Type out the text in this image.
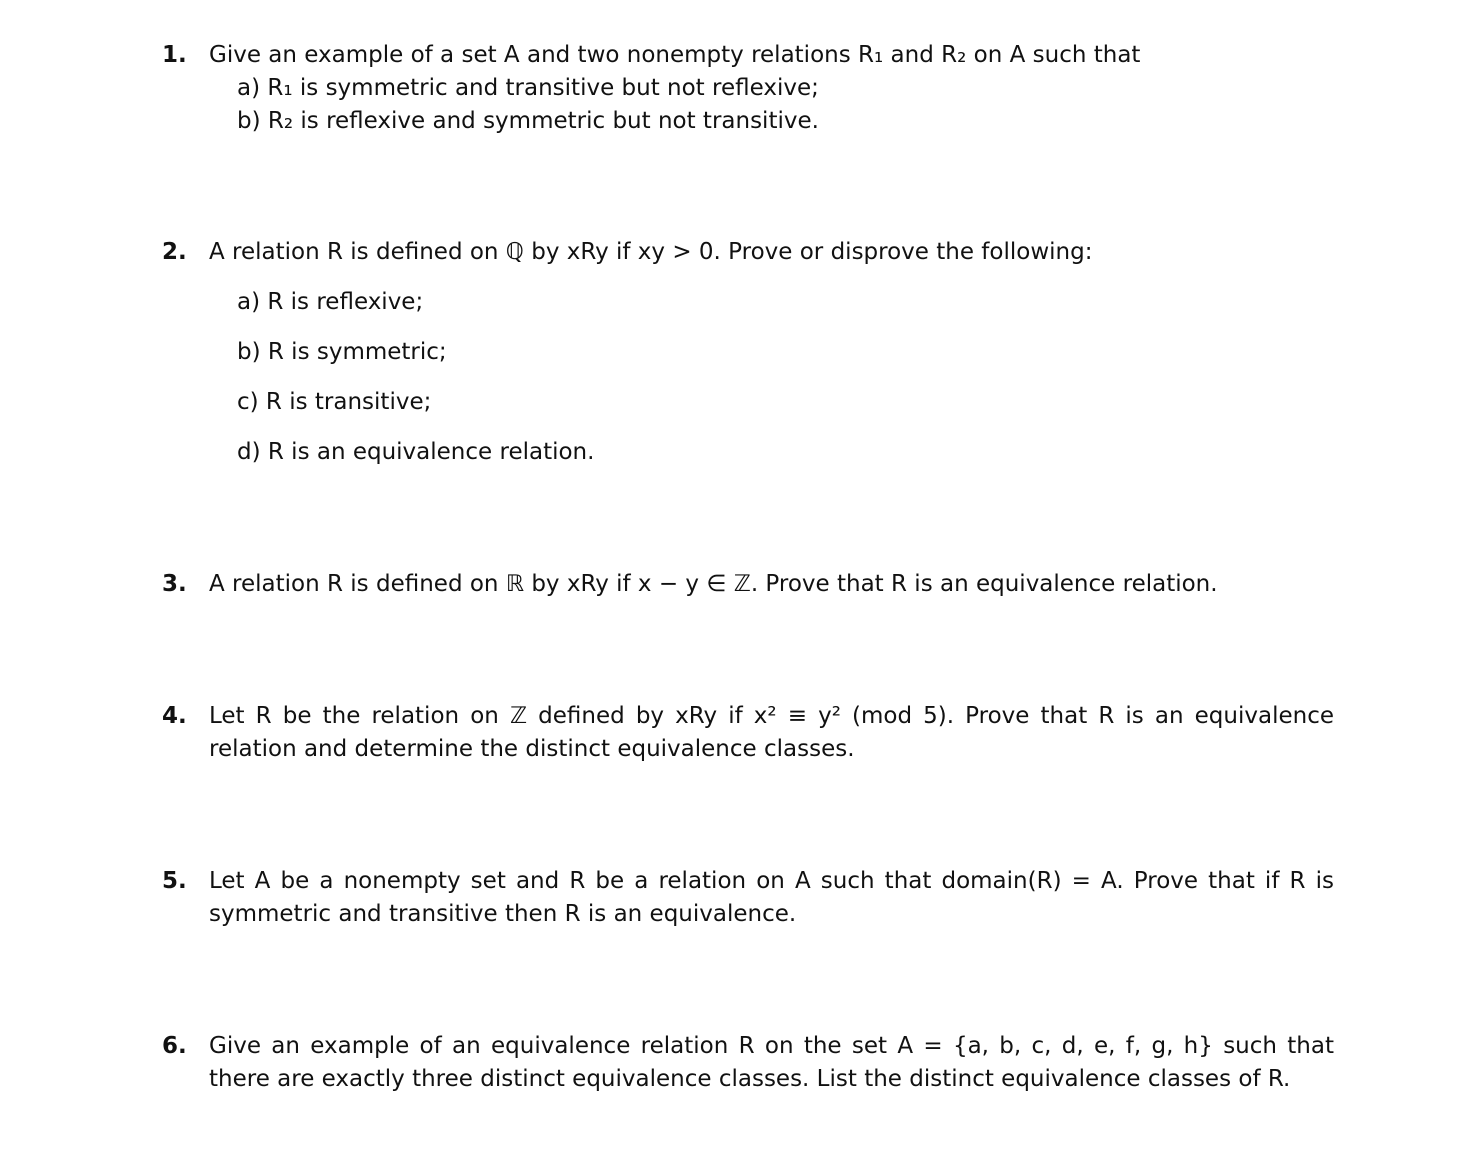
1. Give an example of a set A and two nonempty relations R₁ and R₂ on A such that
a) R₁ is symmetric and transitive but not reflexive;
b) R₂ is reflexive and symmetric but not transitive.
2. A relation R is defined on ℚ by xRy if xy > 0. Prove or disprove the following:
a) R is reflexive;
b) R is symmetric;
c) R is transitive;
d) R is an equivalence relation.
3. A relation R is defined on ℝ by xRy if x − y ∈ ℤ. Prove that R is an equivalence relation.
4. Let R be the relation on ℤ defined by xRy if x² ≡ y² (mod 5). Prove that R is an equivalence relation and determine the distinct equivalence classes.
5. Let A be a nonempty set and R be a relation on A such that domain(R) = A. Prove that if R is symmetric and transitive then R is an equivalence.
6. Give an example of an equivalence relation R on the set A = {a, b, c, d, e, f, g, h} such that there are exactly three distinct equivalence classes. List the distinct equivalence classes of R.
